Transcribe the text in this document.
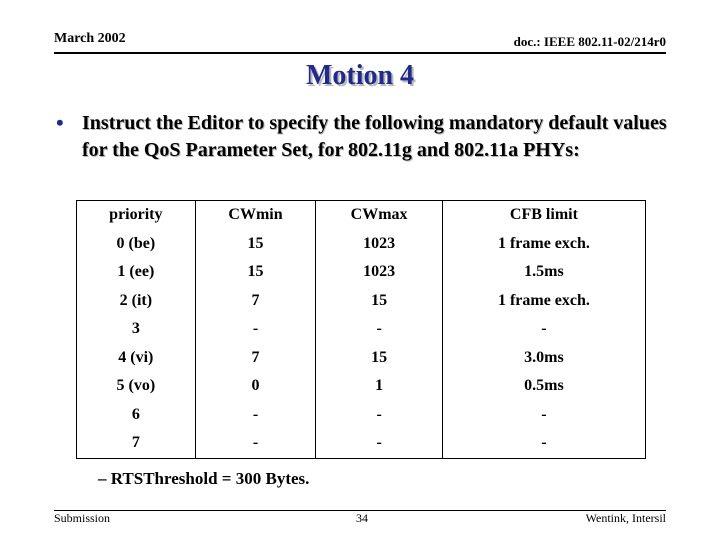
March 2002	doc.: IEEE 802.11-02/214r0
Motion 4
• Instruct the Editor to specify the following mandatory default values for the QoS Parameter Set, for 802.11g and 802.11a PHYs:
priority	CWmin	CWmax	CFB limit
0 (be)	15	1023	1 frame exch.
1 (ee)	15	1023	1.5ms
2 (it)	7	15	1 frame exch.
3	-	-	-
4 (vi)	7	15	3.0ms
5 (vo)	0	1	0.5ms
6	-	-	-
7	-	-	-
– RTSThreshold = 300 Bytes.
Submission	34	Wentink, Intersil
